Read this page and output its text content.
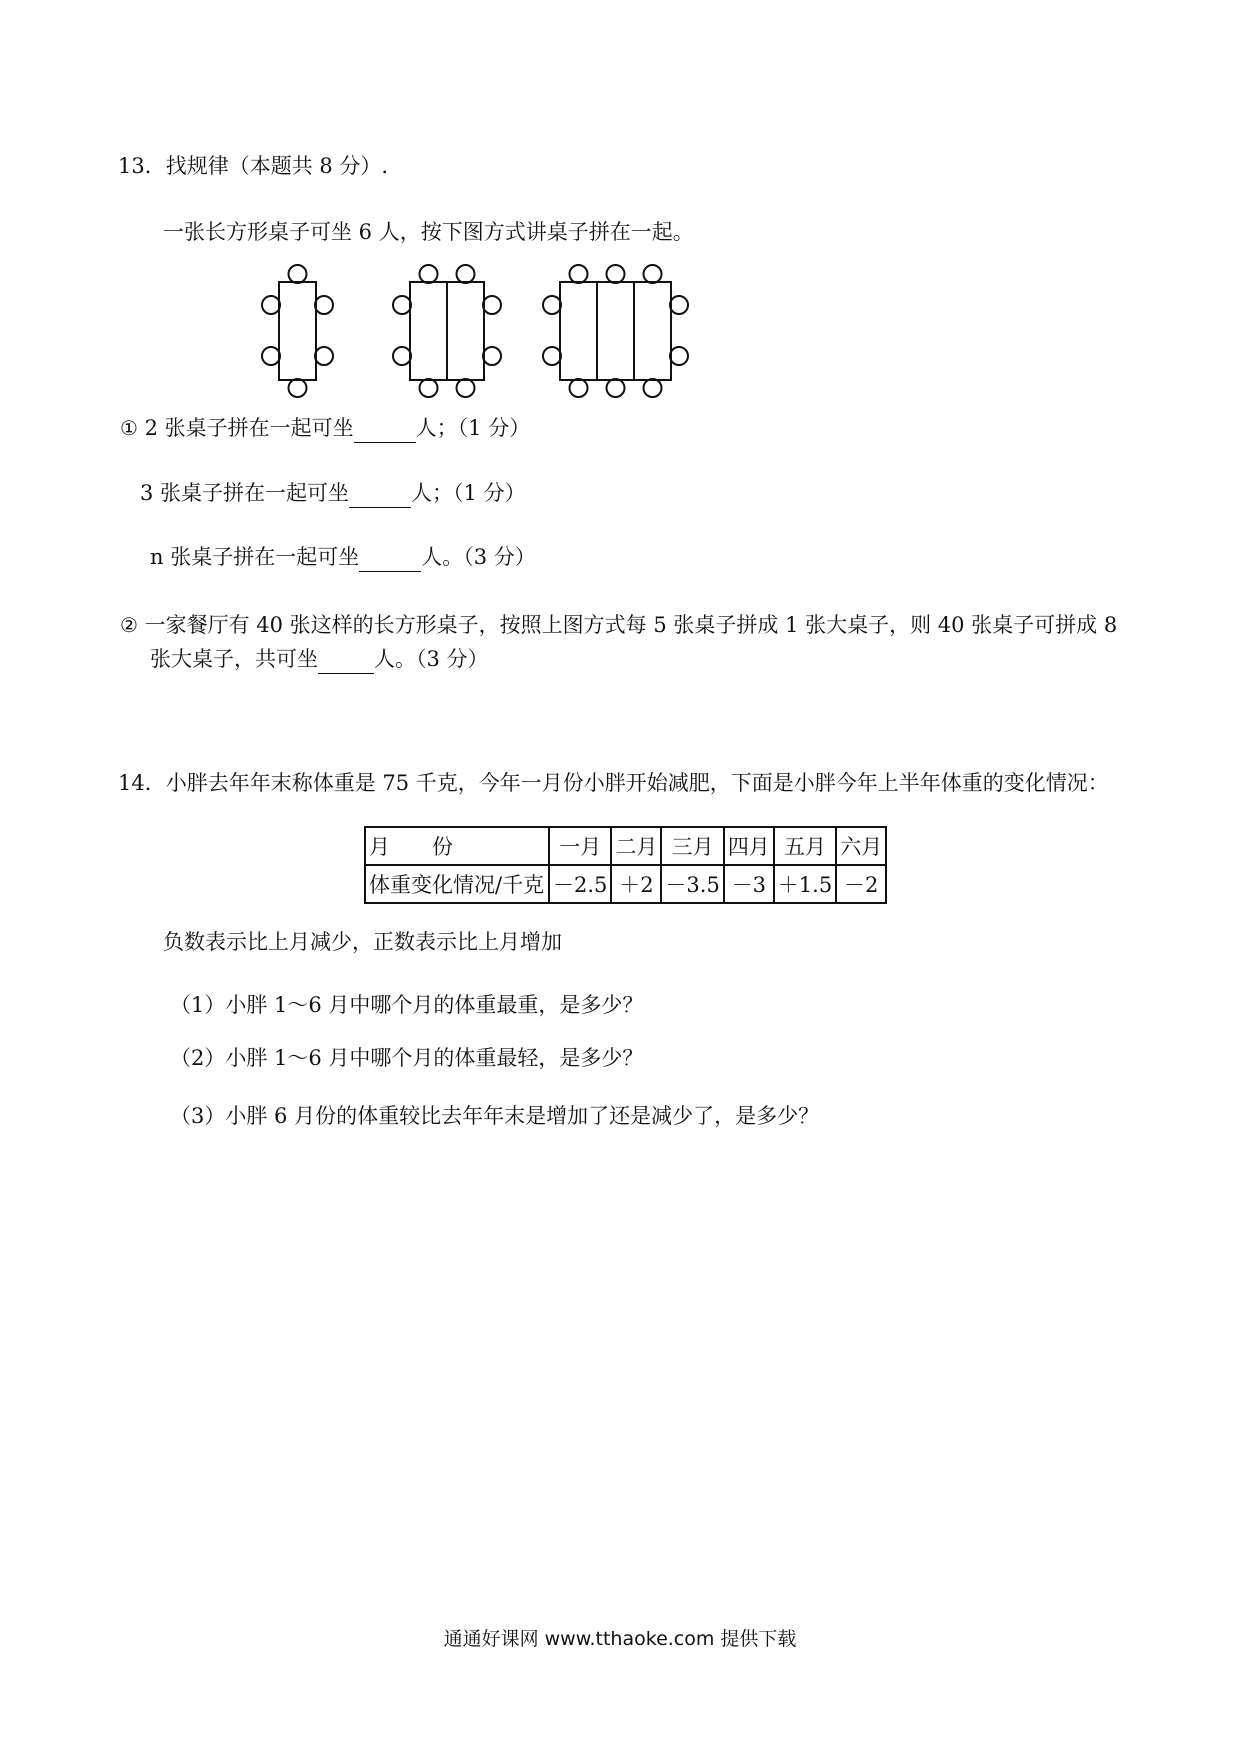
13．找规律（本题共 8 分）.
一张长方形桌子可坐 6 人，按下图方式讲桌子拼在一起。
① 2 张桌子拼在一起可坐	人；（1 分）
3 张桌子拼在一起可坐	人；（1 分）
n 张桌子拼在一起可坐	人。（3 分）
② 一家餐厅有 40 张这样的长方形桌子，按照上图方式每 5 张桌子拼成 1 张大桌子，则 40 张桌子可拼成 8
张大桌子，共可坐	人。（3 分）
14．小胖去年年末称体重是 75 千克，今年一月份小胖开始减肥，下面是小胖今年上半年体重的变化情况：
月　　份	一月	二月	三月	四月	五月	六月
体重变化情况/千克	－2.5	＋2	－3.5	－3	＋1.5	－2
负数表示比上月减少，正数表示比上月增加
（1）小胖 1～6 月中哪个月的体重最重，是多少？
（2）小胖 1～6 月中哪个月的体重最轻，是多少？
（3）小胖 6 月份的体重较比去年年末是增加了还是减少了，是多少？
通通好课网 www.tthaoke.com 提供下载
